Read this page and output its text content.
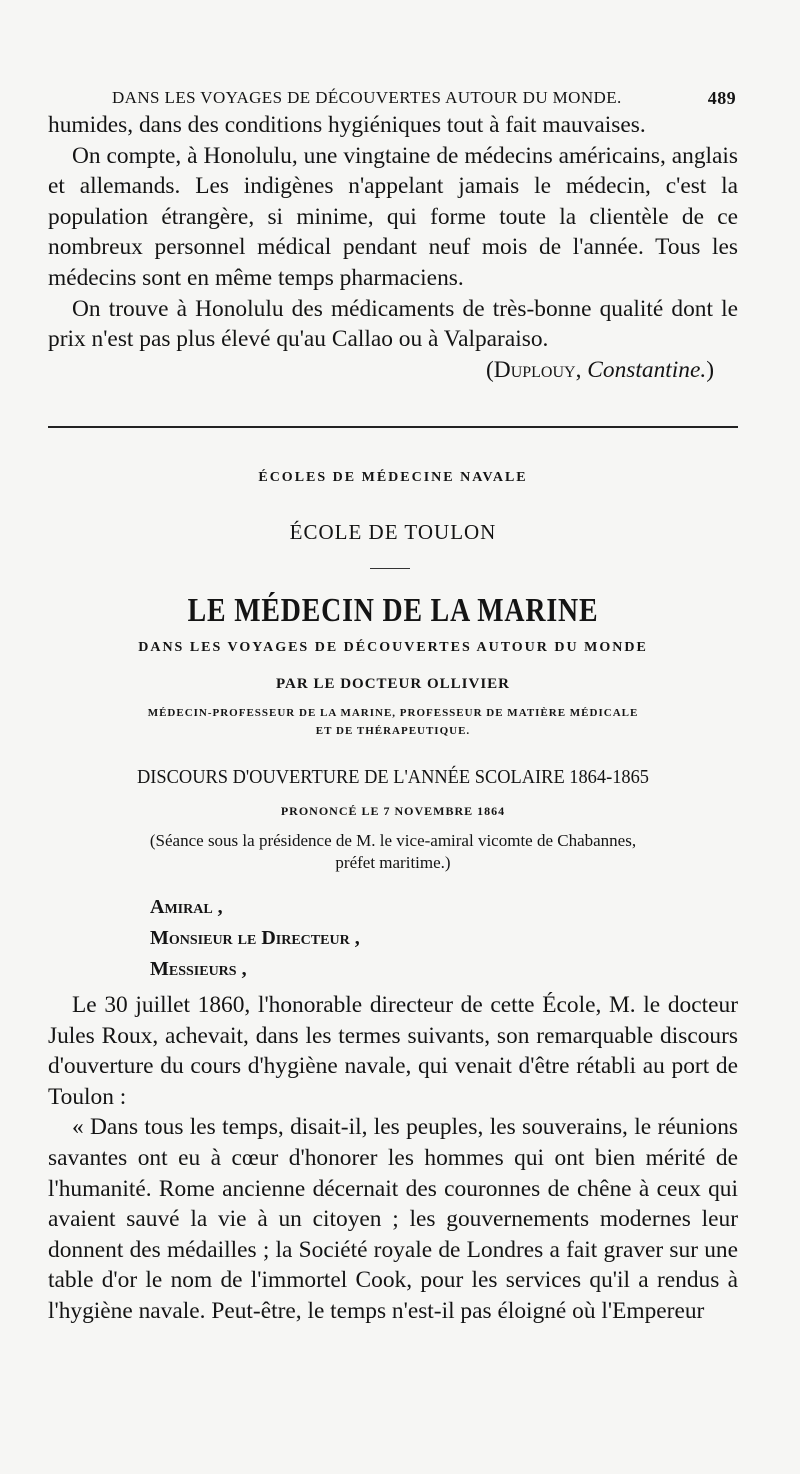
DANS LES VOYAGES DE DÉCOUVERTES AUTOUR DU MONDE.	489

humides, dans des conditions hygiéniques tout à fait mauvaises.

On compte, à Honolulu, une vingtaine de médecins américains, anglais et allemands. Les indigènes n'appelant jamais le médecin, c'est la population étrangère, si minime, qui forme toute la clientèle de ce nombreux personnel médical pendant neuf mois de l'année. Tous les médecins sont en même temps pharmaciens.

On trouve à Honolulu des médicaments de très-bonne qualité dont le prix n'est pas plus élevé qu'au Callao ou à Valparaiso.

(Duplouy, Constantine.)

ÉCOLES DE MÉDECINE NAVALE
ÉCOLE DE TOULON
LE MÉDECIN DE LA MARINE
DANS LES VOYAGES DE DÉCOUVERTES AUTOUR DU MONDE
PAR LE DOCTEUR OLLIVIER
MÉDECIN-PROFESSEUR DE LA MARINE, PROFESSEUR DE MATIÈRE MÉDICALE
ET DE THÉRAPEUTIQUE.
DISCOURS D'OUVERTURE DE L'ANNÉE SCOLAIRE 1864-1865
PRONONCÉ LE 7 NOVEMBRE 1864
(Séance sous la présidence de M. le vice-amiral vicomte de Chabannes,
préfet maritime.)
Amiral ,
Monsieur le Directeur ,
Messieurs ,

Le 30 juillet 1860, l'honorable directeur de cette École, M. le docteur Jules Roux, achevait, dans les termes suivants, son remarquable discours d'ouverture du cours d'hygiène navale, qui venait d'être rétabli au port de Toulon :

« Dans tous les temps, disait-il, les peuples, les souverains, le réunions savantes ont eu à cœur d'honorer les hommes qui ont bien mérité de l'humanité. Rome ancienne décernait des couronnes de chêne à ceux qui avaient sauvé la vie à un citoyen ; les gouvernements modernes leur donnent des médailles ; la Société royale de Londres a fait graver sur une table d'or le nom de l'immortel Cook, pour les services qu'il a rendus à l'hygiène navale. Peut-être, le temps n'est-il pas éloigné où l'Empereur
